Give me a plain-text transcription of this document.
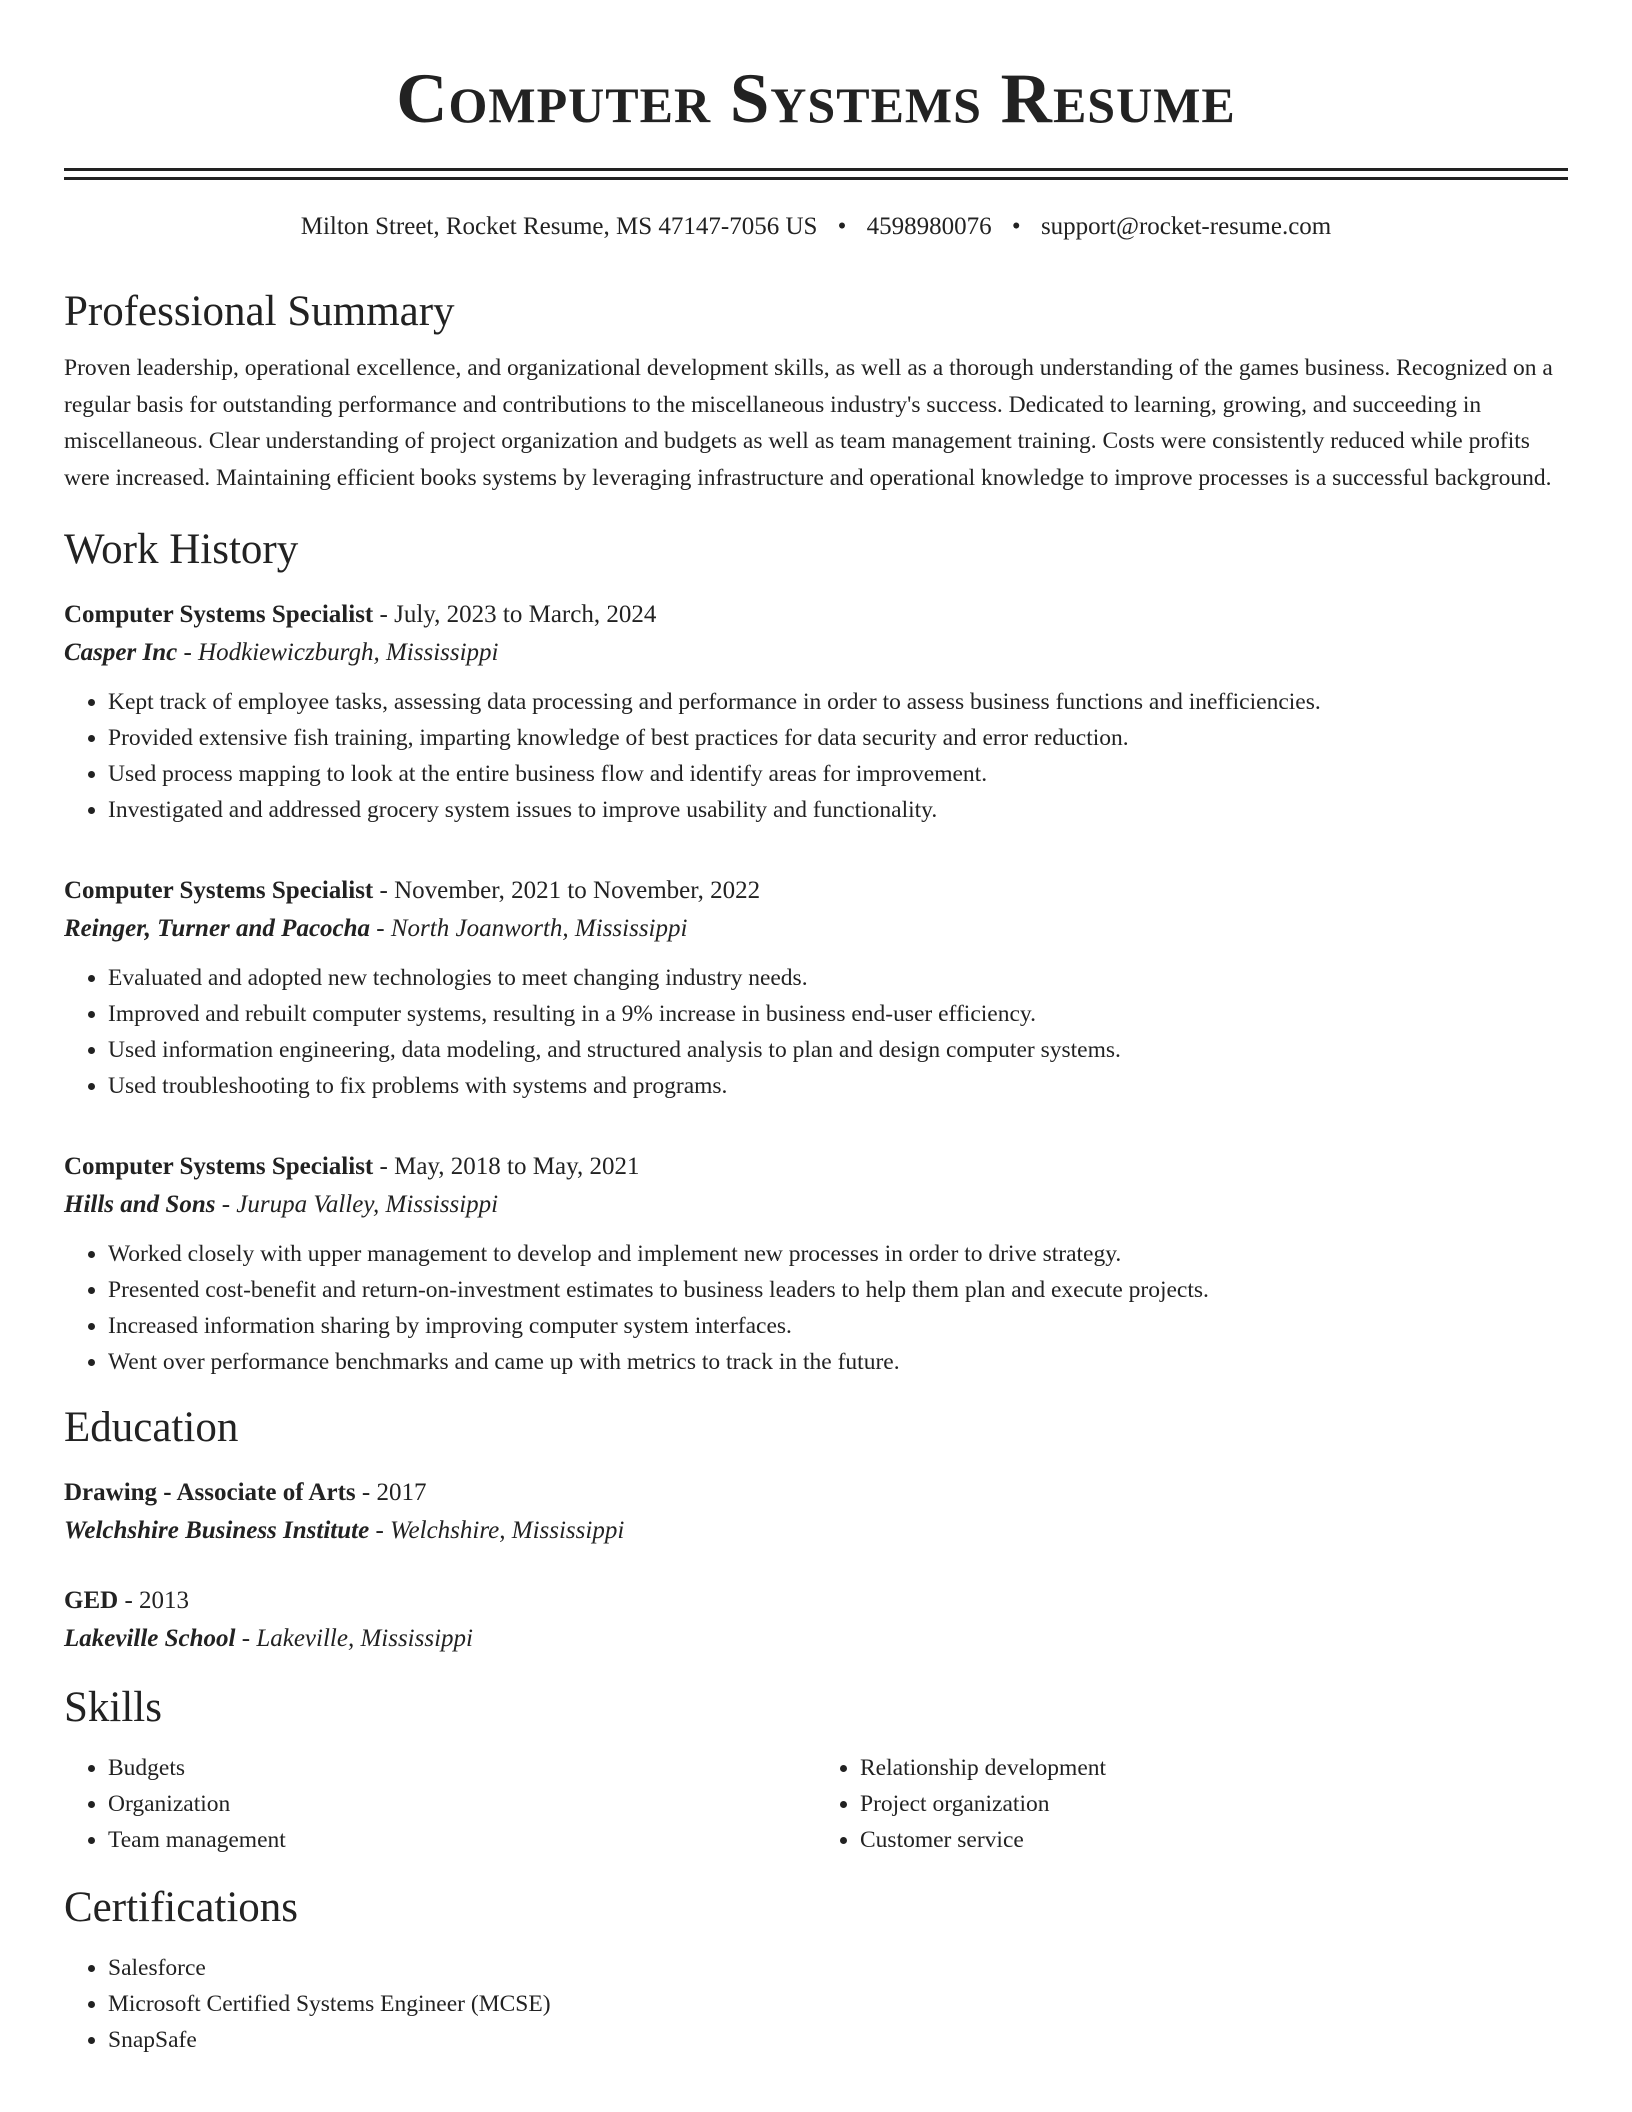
Computer Systems Resume
Milton Street, Rocket Resume, MS 47147-7056 US • 4598980076 • support@rocket-resume.com
Professional Summary
Proven leadership, operational excellence, and organizational development skills, as well as a thorough understanding of the games business. Recognized on a regular basis for outstanding performance and contributions to the miscellaneous industry's success. Dedicated to learning, growing, and succeeding in miscellaneous. Clear understanding of project organization and budgets as well as team management training. Costs were consistently reduced while profits were increased. Maintaining efficient books systems by leveraging infrastructure and operational knowledge to improve processes is a successful background.
Work History
Computer Systems Specialist - July, 2023 to March, 2024
Casper Inc - Hodkiewiczburgh, Mississippi
• Kept track of employee tasks, assessing data processing and performance in order to assess business functions and inefficiencies.
• Provided extensive fish training, imparting knowledge of best practices for data security and error reduction.
• Used process mapping to look at the entire business flow and identify areas for improvement.
• Investigated and addressed grocery system issues to improve usability and functionality.
Computer Systems Specialist - November, 2021 to November, 2022
Reinger, Turner and Pacocha - North Joanworth, Mississippi
• Evaluated and adopted new technologies to meet changing industry needs.
• Improved and rebuilt computer systems, resulting in a 9% increase in business end-user efficiency.
• Used information engineering, data modeling, and structured analysis to plan and design computer systems.
• Used troubleshooting to fix problems with systems and programs.
Computer Systems Specialist - May, 2018 to May, 2021
Hills and Sons - Jurupa Valley, Mississippi
• Worked closely with upper management to develop and implement new processes in order to drive strategy.
• Presented cost-benefit and return-on-investment estimates to business leaders to help them plan and execute projects.
• Increased information sharing by improving computer system interfaces.
• Went over performance benchmarks and came up with metrics to track in the future.
Education
Drawing - Associate of Arts - 2017
Welchshire Business Institute - Welchshire, Mississippi
GED - 2013
Lakeville School - Lakeville, Mississippi
Skills
• Budgets
• Organization
• Team management
• Relationship development
• Project organization
• Customer service
Certifications
• Salesforce
• Microsoft Certified Systems Engineer (MCSE)
• SnapSafe
